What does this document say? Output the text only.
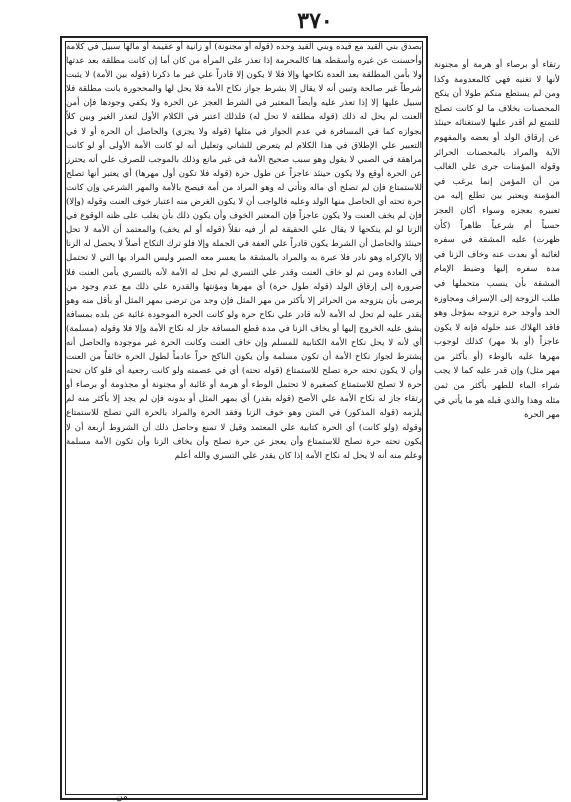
٣٧٠

بصدق بني القيد مع قيده وبني القيد وحده (قوله أو مجنونة) أو زانية أو عقيمة أو مالها سبيل في كلامه وأحسنت عن غيره وأسقطه هنا كالمحرمة إذا تعذر علي المرأة من كان أما إن كانت مطلقة بعد عدتها ولا بأمن المطلقة بعد العدة نكاحها وإلا فلا لا يكون إلا قادراً علي غير ما ذكرنا (قوله بين الأمة) لا يثبت شرطاً غير صالحة وتبين أنه لا يقال إلا بشرط جواز نكاح الأمة فلا يحل لها والمحجورة بانت مطلقة فلا سبيل عليها إلا إذا تعذر عليه وأيضاً المعتبر في الشرط العجز عن الحرة ولا يكفي وجودها فإن أمن العنت لم يحل له ذلك (قوله مطلقة لا تحل له) فلذلك اعتبر في الكلام الأول لتعذر الغير وبين كلاً بجوازه كما في المسافرة في عدم الجواز في مثلها (قوله ولا يجزي) والحاصل أن الحرة أو لا في التعبير علي الإطلاق في هذا الكلام لم يتعرض للشاني وتعليل أنه لو كانت الأمة الأولى أو لو كانت مراهقة في الصبي لا يقول وهو سبب صحيح الأمة في غير مانع وذلك بالموجب للصرف علي أنه يحترز عن الحرة أوقع ولا يكون حينئذ عاجزاً عن طول حرة (قوله فلا تكون أول مهرها) أي يعتبر أنها تصلح للاستمتاع فإن لم تصلح أي ماله وتأتي له وهو المراد من أمة فيصح بالأمة والمهر الشرعي وإن كانت حرة تحته أي الحاصل منها الولد وعليه فالواجب أن لا يكون الغرض منه اعتبار خوف العنت وقوله (وإلا) فإن لم يخف العنت ولا يكون عاجزاً فإن المعتبر الخوف وأن يكون ذلك بأن يغلب على ظنه الوقوع في الزنا لو لم ينكحها لا يقال علي الحقيقة لم أر فيه نقلاً (قوله أو لم يخف) والمعتمد أن الأمة لا تحل حينئذ والحاصل أن الشرط يكون قادراً علي العفة في الجملة وإلا فلو ترك النكاح أصلاً لا يحصل له الزنا إلا بالإكراه وهو نادر فلا عبرة به والمراد بالمشقة ما يعسر معه الصبر وليس المراد بها التي لا تحتمل في العادة ومن ثم لو خاف العنت وقدر علي التسري لم تحل له الأمة لأنه بالتسري يأمن العنت فلا ضرورة إلى إرقاق الولد (قوله طول حرة) أي مهرها ومؤنتها والقدرة علي ذلك مع عدم وجود من يرضى بأن يتزوجه من الحرائر إلا بأكثر من مهر المثل فإن وجد من ترضى بمهر المثل أو بأقل منه وهو يقدر عليه لم تحل له الأمة لأنه قادر علي نكاح حرة ولو كانت الحرة الموجودة غائبة عن بلده بمسافة يشق عليه الخروج إليها أو يخاف الزنا في مدة قطع المسافة جاز له نكاح الأمة وإلا فلا وقوله (مسلمة) أي لأنه لا يحل نكاح الأمة الكتابية للمسلم وإن خاف العنت وكانت الحرة غير موجودة والحاصل أنه يشترط لجواز نكاح الأمة أن تكون مسلمة وأن يكون الناكح حراً عادماً لطول الحرة خائفاً من العنت وأن لا يكون تحته حرة تصلح للاستمتاع (قوله تحته) أي في عصمته ولو كانت رجعية أي فلو كان تحته حرة لا تصلح للاستمتاع كصغيرة لا تحتمل الوطء أو هرمة أو غائبة أو مجنونة أو مجذومة أو برصاء أو رتقاء جاز له نكاح الأمة علي الأصح (قوله بقدر) أي بمهر المثل أو بدونه فإن لم يجد إلا بأكثر منه لم يلزمه (قوله المذكور) في المتن وهو خوف الزنا وفقد الحرة والمراد بالحرة التي تصلح للاستمتاع وقوله (ولو كانت) أي الحرة كتابية علي المعتمد وقيل لا تمنع وحاصل ذلك أن الشروط أربعة أن لا يكون تحته حرة تصلح للاستمتاع وأن يعجز عن حرة تصلح وأن يخاف الزنا وأن تكون الأمة مسلمة وعلم منه أنه لا يحل له نكاح الأمة إذا كان يقدر علي التسري والله أعلم

رتقاء أو برصاء أو هرمة أو مجنونة لأنها لا تغنيه فهي كالمعدومة وكذا ومن لم يستطع منكم طولا أن ينكح المحصنات بخلاف ما لو كانت تصلح للتمتع لم أقدر عليها لاستغنائه حينئذ عن إرقاق الولد أو بعضه والمفهوم الآية والمراد بالمحصنات الحرائر وقوله المؤمنات جرى علي الغالب من أن المؤمن إنما يرغب في المؤمنة ويعتبر بين تطلع إليه من تعبيره بعجزه وسواء أكان العجز حسياً أم شرعياً ظاهراً (كأن ظهرت) عليه المشقة في سفره لغائبة أو بعدت عنه وخاف الزنا في مدة سفره إليها وضبط الإمام المشقة بأن ينسب متحملها في طلب الزوجة إلى الإسراف ومجاوزة الحد وأوجد حرة تزوجه بمؤجل وهو فاقد الهلاك عند حلوله فإنه لا يكون عاجزاً (أو بلا مهر) كذلك لوجوب مهرها عليه بالوطء (أو بأكثر من مهر مثل) وإن قدر عليه كما لا يجب شراء الماء للطهر بأكثر من ثمن مثله وهذا والذي قبله هو ما يأتي في مهر الحرة

من
